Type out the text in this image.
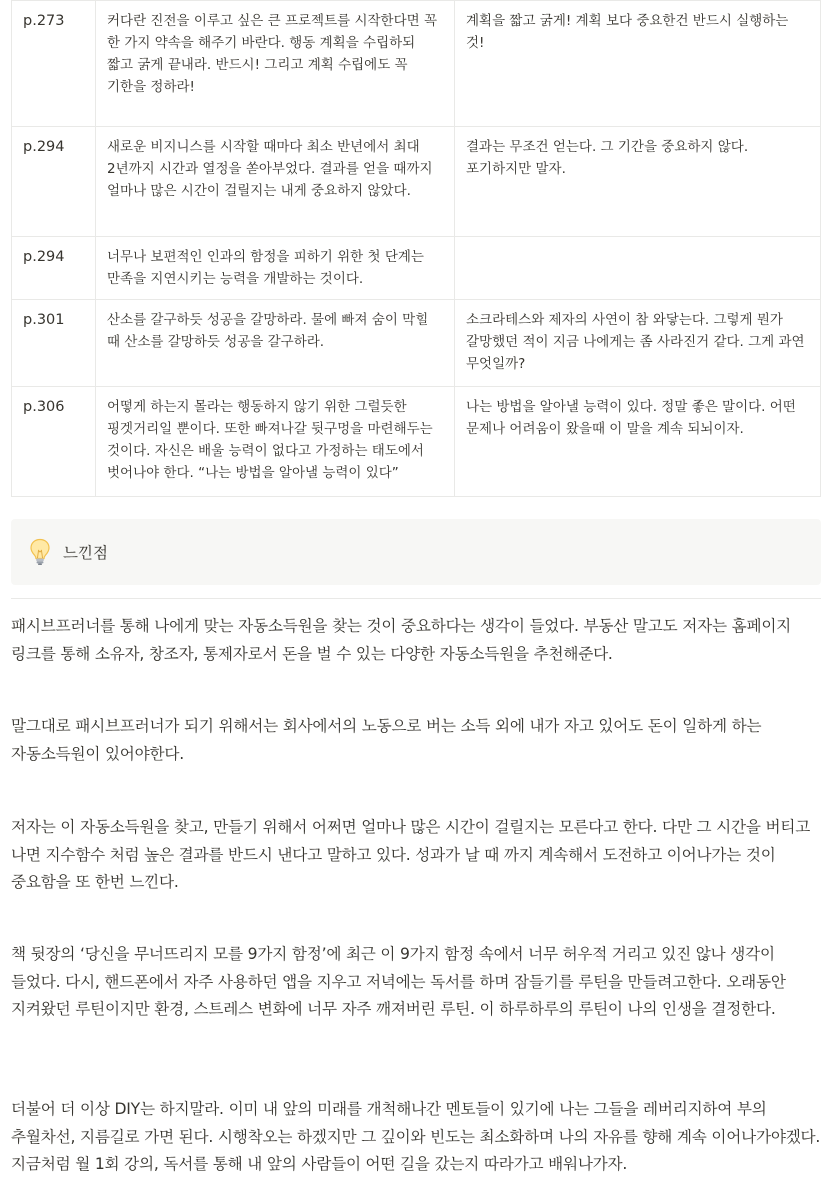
p.273	커다란 진전을 이루고 싶은 큰 프로젝트를 시작한다면 꼭 한 가지 약속을 해주기 바란다. 행동 계획을 수립하되 짧고 굵게 끝내라. 반드시! 그리고 계획 수립에도 꼭 기한을 정하라!	계획을 짧고 굵게! 계획 보다 중요한건 반드시 실행하는 것!
p.294	새로운 비지니스를 시작할 때마다 최소 반년에서 최대 2년까지 시간과 열정을 쏟아부었다. 결과를 얻을 때까지 얼마나 많은 시간이 걸릴지는 내게 중요하지 않았다.	결과는 무조건 얻는다. 그 기간을 중요하지 않다. 포기하지만 말자.
p.294	너무나 보편적인 인과의 함정을 피하기 위한 첫 단계는 만족을 지연시키는 능력을 개발하는 것이다.	
p.301	산소를 갈구하듯 성공을 갈망하라. 물에 빠져 숨이 막힐 때 산소를 갈망하듯 성공을 갈구하라.	소크라테스와 제자의 사연이 참 와닿는다. 그렇게 뭔가 갈망했던 적이 지금 나에게는 좀 사라진거 같다. 그게 과연 무엇일까?
p.306	어떻게 하는지 몰라는 행동하지 않기 위한 그럴듯한 핑겟거리일 뿐이다. 또한 빠져나갈 뒷구멍을 마련해두는 것이다. 자신은 배울 능력이 없다고 가정하는 태도에서 벗어나야 한다. “나는 방법을 알아낼 능력이 있다”	나는 방법을 알아낼 능력이 있다. 정말 좋은 말이다. 어떤 문제나 어려움이 왔을때 이 말을 계속 되뇌이자.
느낀점

패시브프러너를 통해 나에게 맞는 자동소득원을 찾는 것이 중요하다는 생각이 들었다. 부동산 말고도 저자는 홈페이지 링크를 통해 소유자, 창조자, 통제자로서 돈을 벌 수 있는 다양한 자동소득원을 추천해준다.

말그대로 패시브프러너가 되기 위해서는 회사에서의 노동으로 버는 소득 외에 내가 자고 있어도 돈이 일하게 하는 자동소득원이 있어야한다.

저자는 이 자동소득원을 찾고, 만들기 위해서 어쩌면 얼마나 많은 시간이 걸릴지는 모른다고 한다. 다만 그 시간을 버티고 나면 지수함수 처럼 높은 결과를 반드시 낸다고 말하고 있다. 성과가 날 때 까지 계속해서 도전하고 이어나가는 것이 중요함을 또 한번 느낀다.

책 뒷장의 ‘당신을 무너뜨리지 모를 9가지 함정’에 최근 이 9가지 함정 속에서 너무 허우적 거리고 있진 않나 생각이 들었다. 다시, 핸드폰에서 자주 사용하던 앱을 지우고 저녁에는 독서를 하며 잠들기를 루틴을 만들려고한다. 오래동안 지켜왔던 루틴이지만 환경, 스트레스 변화에 너무 자주 깨져버린 루틴. 이 하루하루의 루틴이 나의 인생을 결정한다.

더불어 더 이상 DIY는 하지말라. 이미 내 앞의 미래를 개척해나간 멘토들이 있기에 나는 그들을 레버리지하여 부의 추월차선, 지름길로 가면 된다. 시행착오는 하겠지만 그 깊이와 빈도는 최소화하며 나의 자유를 향해 계속 이어나가야겠다. 지금처럼 월 1회 강의, 독서를 통해 내 앞의 사람들이 어떤 길을 갔는지 따라가고 배워나가자.
